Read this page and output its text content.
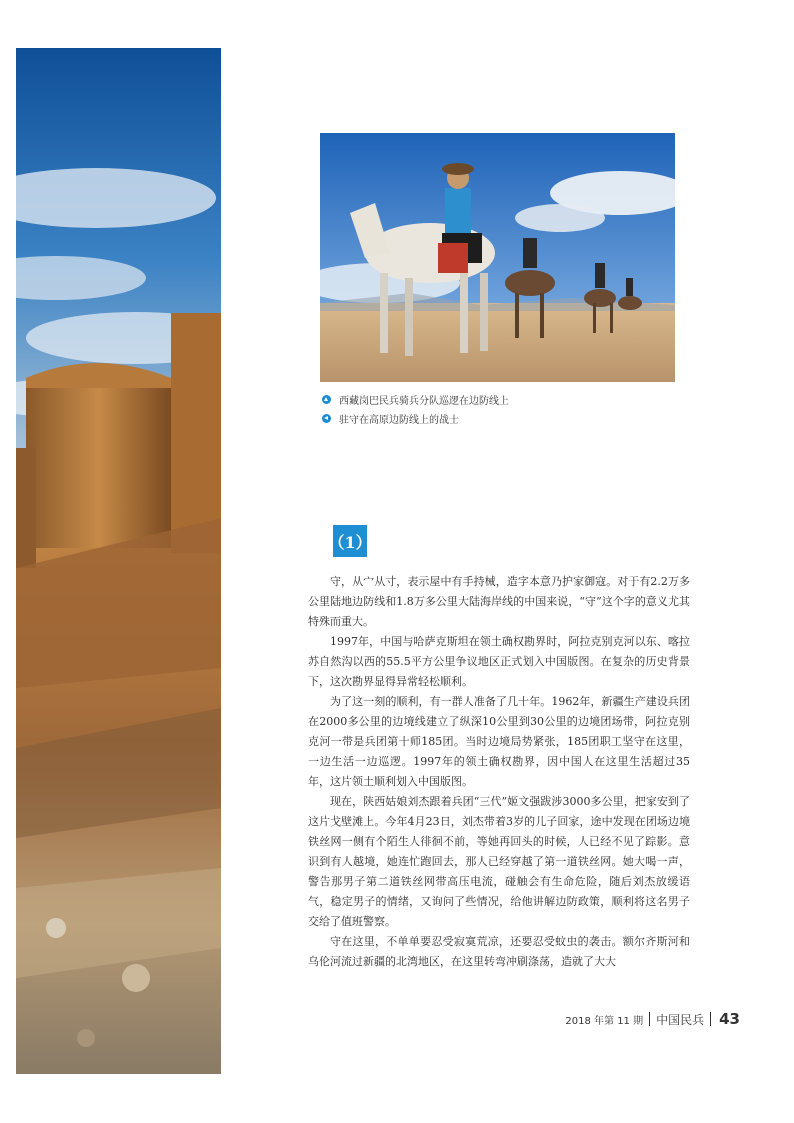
西藏岗巴民兵骑兵分队巡逻在边防线上
驻守在高原边防线上的战士
（1）

守，从宀从寸，表示屋中有手持械，造字本意乃护家御寇。对于有2.2万多公里陆地边防线和1.8万多公里大陆海岸线的中国来说，“守”这个字的意义尤其特殊而重大。

1997年，中国与哈萨克斯坦在领土确权勘界时，阿拉克别克河以东、喀拉苏自然沟以西的55.5平方公里争议地区正式划入中国版图。在复杂的历史背景下，这次勘界显得异常轻松顺利。

为了这一刻的顺利，有一群人准备了几十年。1962年，新疆生产建设兵团在2000多公里的边境线建立了纵深10公里到30公里的边境团场带，阿拉克别克河一带是兵团第十师185团。当时边境局势紧张，185团职工坚守在这里，一边生活一边巡逻。1997年的领土确权勘界，因中国人在这里生活超过35年，这片领土顺利划入中国版图。

现在，陕西姑娘刘杰跟着兵团“三代”姬文强跋涉3000多公里，把家安到了这片戈壁滩上。今年4月23日，刘杰带着3岁的儿子回家，途中发现在团场边境铁丝网一侧有个陌生人徘徊不前，等她再回头的时候，人已经不见了踪影。意识到有人越境，她连忙跑回去，那人已经穿越了第一道铁丝网。她大喝一声，警告那男子第二道铁丝网带高压电流，碰触会有生命危险，随后刘杰放缓语气，稳定男子的情绪，又询问了些情况，给他讲解边防政策，顺利将这名男子交给了值班警察。

守在这里，不单单要忍受寂寞荒凉，还要忍受蚊虫的袭击。额尔齐斯河和乌伦河流过新疆的北湾地区，在这里转弯冲刷涤荡，造就了大大

2018 年第 11 期 中国民兵 43
